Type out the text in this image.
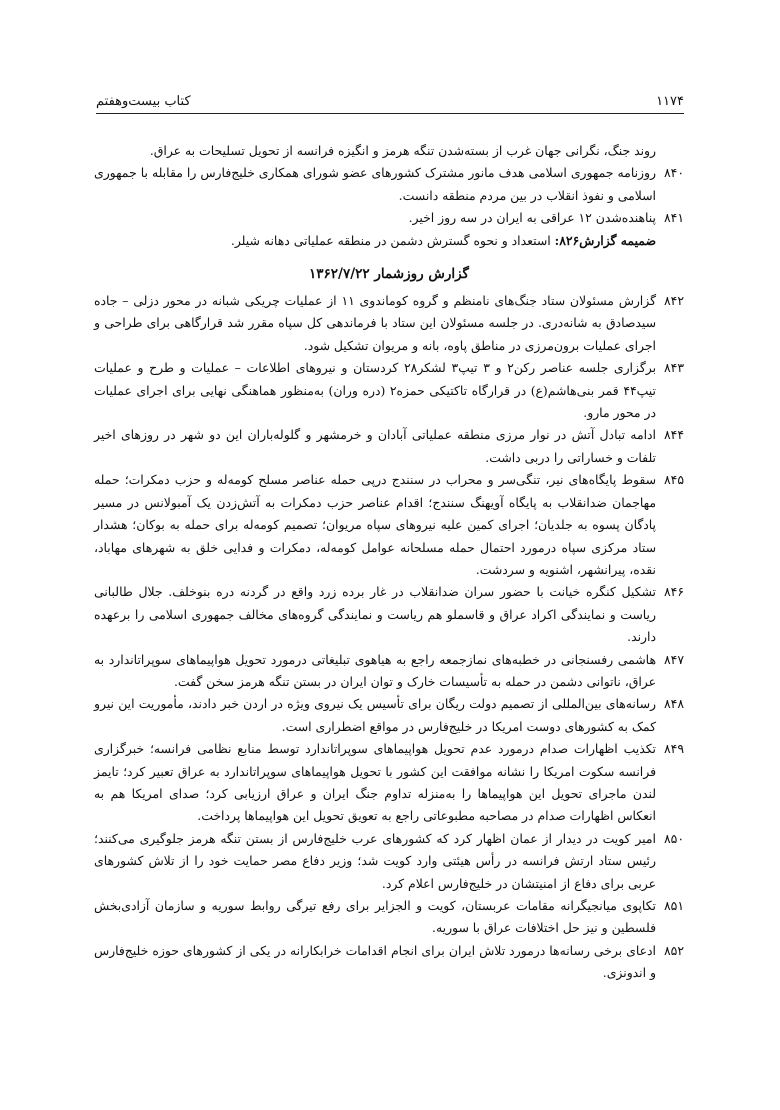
۱۱۷۴
کتاب بیست‌وهفتم
روند جنگ، نگرانی جهان غرب از بسته‌شدن تنگه هرمز و انگیزه فرانسه از تحویل تسلیحات به عراق.
۸۴۰
روزنامه جمهوری اسلامی هدف مانور مشترک کشورهای عضو شورای همکاری خلیج‌فارس را مقابله با جمهوری اسلامی و نفوذ انقلاب در بین مردم منطقه دانست.
۸۴۱
پناهنده‌شدن ۱۲ عراقی به ایران در سه روز اخیر.
ضمیمه گزارش۸۲۶: استعداد و نحوه گسترش دشمن در منطقه عملیاتی دهانه شیلر.
گزارش روزشمار ۱۳۶۲/۷/۲۲
۸۴۲
گزارش مسئولان ستاد جنگ‌های نامنظم و گروه کوماندوی ۱۱ از عملیات چریکی شبانه در محور دزلی – جاده سیدصادق به شانه‌دری. در جلسه مسئولان این ستاد با فرماندهی کل سپاه مقرر شد قرارگاهی برای طراحی و اجرای عملیات برون‌مرزی در مناطق پاوه، بانه و مریوان تشکیل شود.
۸۴۳
برگزاری جلسه عناصر رکن۲ و ۳ تیپ۳ لشکر۲۸ کردستان و نیروهای اطلاعات – عملیات و طرح و عملیات تیپ۴۴ قمر بنی‌هاشم(ع) در قرارگاه تاکتیکی حمزه۲ (دره وران) به‌منظور هماهنگی نهایی برای اجرای عملیات در محور مارو.
۸۴۴
ادامه تبادل آتش در نوار مرزی منطقه عملیاتی آبادان و خرمشهر و گلوله‌باران این دو شهر در روزهای اخیر تلفات و خساراتی را دربی داشت.
۸۴۵
سقوط پایگاه‌های نیر، تنگی‌سر و محراب در سنندج درپی حمله عناصر مسلح کومه‌له و حزب دمکرات؛ حمله مهاجمان ضدانقلاب به پایگاه آویهنگ سنندج؛ اقدام عناصر حزب دمکرات به آتش‌زدن یک آمبولانس در مسیر پادگان پسوه به جلدیان؛ اجرای کمین علیه نیروهای سپاه مریوان؛ تصمیم کومه‌له برای حمله به بوکان؛ هشدار ستاد مرکزی سپاه درمورد احتمال حمله مسلحانه عوامل کومه‌له، دمکرات و فدایی خلق به شهرهای مهاباد، نقده، پیرانشهر، اشنویه و سردشت.
۸۴۶
تشکیل کنگره خیانت با حضور سران ضدانقلاب در غار برده زرد واقع در گردنه دره بنوخلف. جلال طالبانی ریاست و نمایندگی اکراد عراق و قاسملو هم ریاست و نمایندگی گروه‌های مخالف جمهوری اسلامی را برعهده دارند.
۸۴۷
هاشمی رفسنجانی در خطبه‌های نمازجمعه راجع به هیاهوی تبلیغاتی درمورد تحویل هواپیماهای سوپراتاندارد به عراق، ناتوانی دشمن در حمله به تأسیسات خارک و توان ایران در بستن تنگه هرمز سخن گفت.
۸۴۸
رسانه‌های بین‌المللی از تصمیم دولت ریگان برای تأسیس یک نیروی ویژه در اردن خبر دادند، مأموریت این نیرو کمک به کشورهای دوست امریکا در خلیج‌فارس در مواقع اضطراری است.
۸۴۹
تکذیب اظهارات صدام درمورد عدم تحویل هواپیماهای سوپراتاندارد توسط منابع نظامی فرانسه؛ خبرگزاری فرانسه سکوت امریکا را نشانه موافقت این کشور با تحویل هواپیماهای سوپراتاندارد به عراق تعبیر کرد؛ تایمز لندن ماجرای تحویل این هواپیماها را به‌منزله تداوم جنگ ایران و عراق ارزیابی کرد؛ صدای امریکا هم به انعکاس اظهارات صدام در مصاحبه مطبوعاتی راجع به تعویق تحویل این هواپیماها پرداخت.
۸۵۰
امیر کویت در دیدار از عمان اظهار کرد که کشورهای عرب خلیج‌فارس از بستن تنگه هرمز جلوگیری می‌کنند؛ رئیس ستاد ارتش فرانسه در رأس هیئتی وارد کویت شد؛ وزیر دفاع مصر حمایت خود را از تلاش کشورهای عربی برای دفاع از امنیتشان در خلیج‌فارس اعلام کرد.
۸۵۱
تکاپوی میانجیگرانه مقامات عربستان، کویت و الجزایر برای رفع تیرگی روابط سوریه و سازمان آزادی‌بخش فلسطین و نیز حل اختلافات عراق با سوریه.
۸۵۲
ادعای برخی رسانه‌ها درمورد تلاش ایران برای انجام اقدامات خرابکارانه در یکی از کشورهای حوزه خلیج‌فارس و اندونزی.
